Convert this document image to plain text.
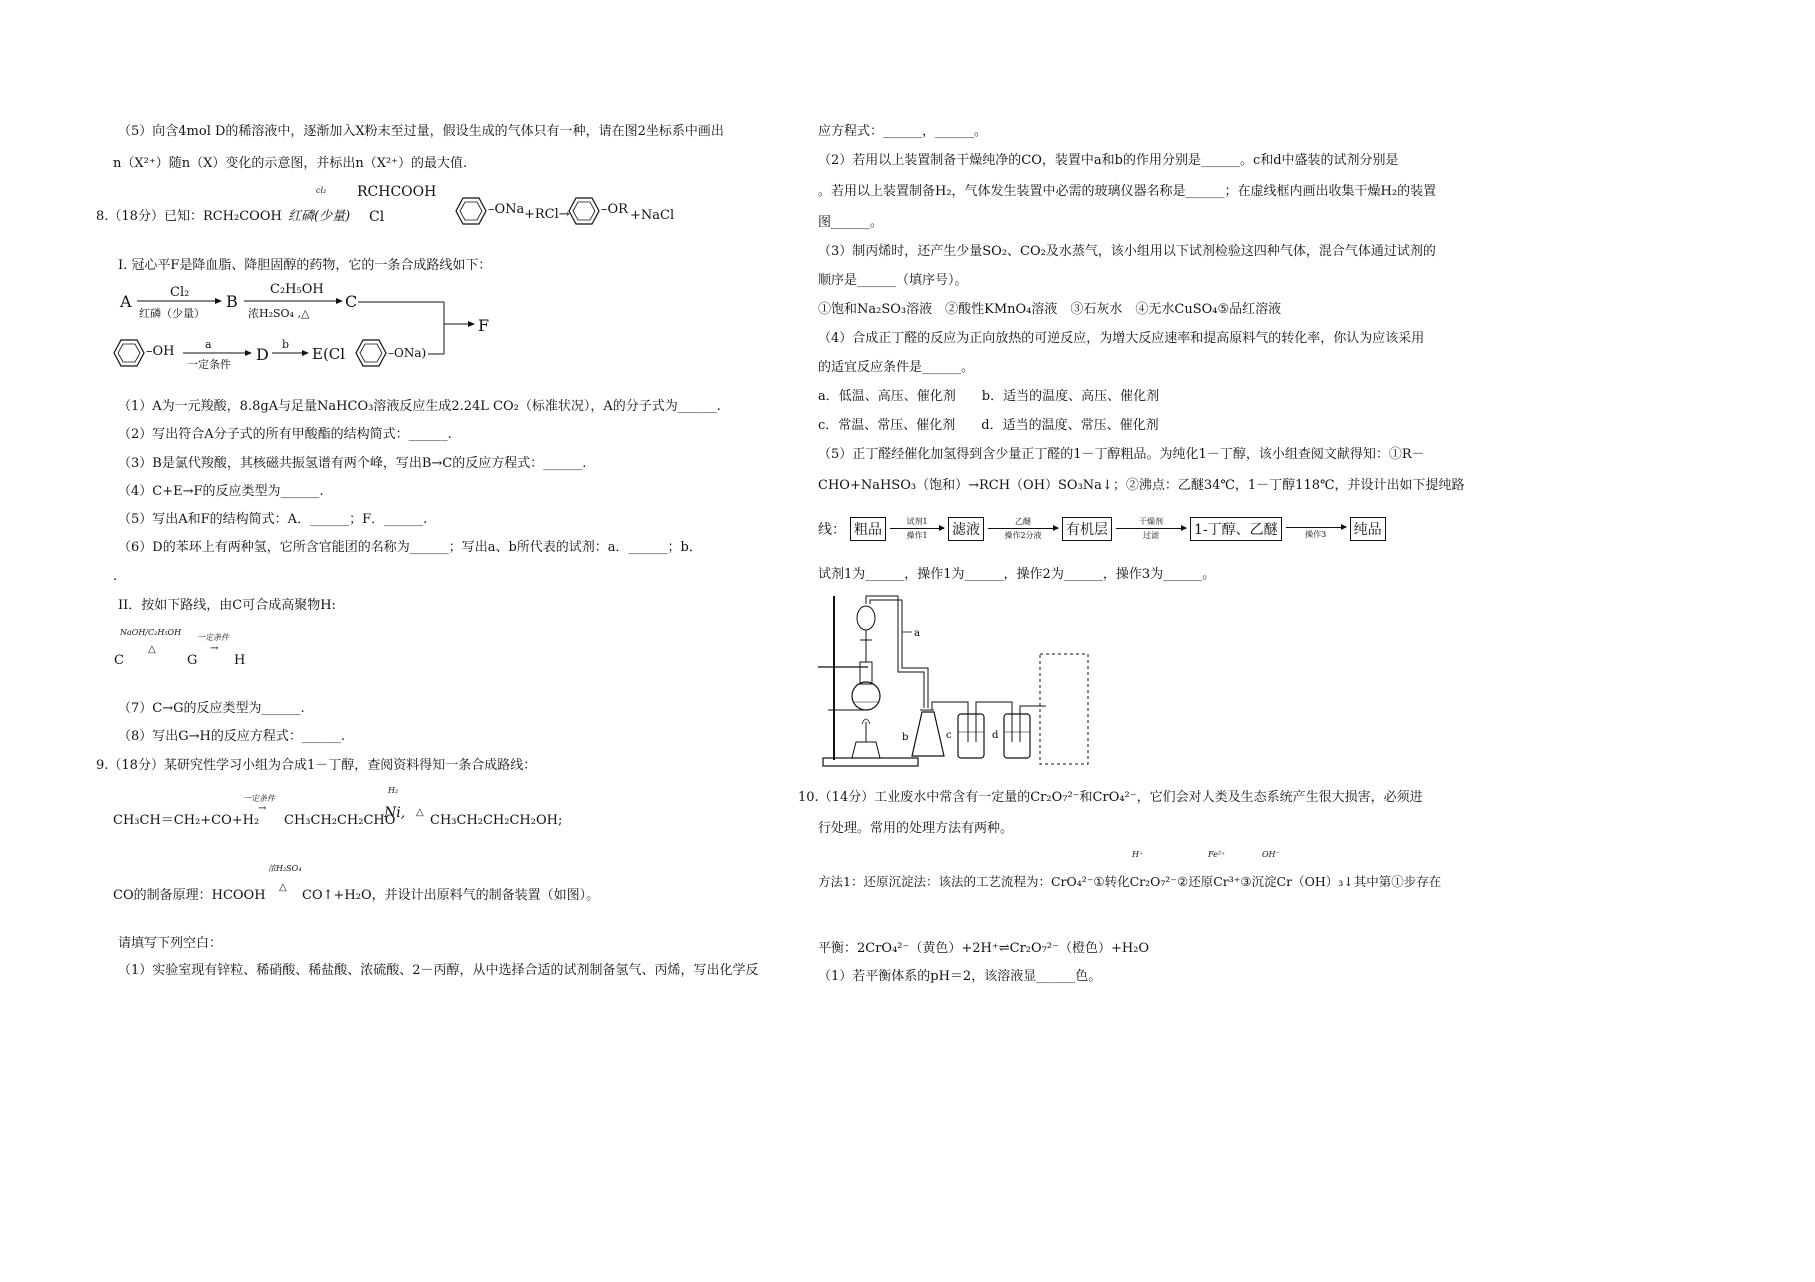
（5）向含4mol D的稀溶液中，逐渐加入X粉末至过量，假设生成的气体只有一种，请在图2坐标系中画出
n（X²⁺）随n（X）变化的示意图，并标出n（X²⁺）的最大值.
8.（18分）已知：RCH₂COOH
cl₂
红磷(少量)
RCHCOOH
Cl	–ONa +RCl→ –OR +NaCl
I. 冠心平F是降血脂、降胆固醇的药物，它的一条合成路线如下：
A	Cl₂
红磷（少量）
B
C₂H₅OH
浓H₂SO₄ ,△
C
F
–OH	a
一定条件
D
b
E(Cl	–ONa)
（1）A为一元羧酸，8.8gA与足量NaHCO₃溶液反应生成2.24L CO₂（标准状况），A的分子式为______.
（2）写出符合A分子式的所有甲酸酯的结构简式：______.
（3）B是氯代羧酸，其核磁共振氢谱有两个峰，写出B→C的反应方程式：______.
（4）C+E→F的反应类型为______.
（5）写出A和F的结构简式：A．______；F．______.
（6）D的苯环上有两种氢，它所含官能团的名称为______；写出a、b所代表的试剂：a．______；b．
.
II．按如下路线，由C可合成高聚物H:
NaOH/C₂H₅OH
△
一定条件
→
C	G	H
（7）C→G的反应类型为______.
（8）写出G→H的反应方程式：______.
9.（18分）某研究性学习小组为合成1－丁醇，查阅资料得知一条合成路线：
一定条件
→
H₂
CH₃CH＝CH₂+CO+H₂ CH₃CH₂CH₂CHO
Ni, △
CH₃CH₂CH₂CH₂OH;
浓H₂SO₄
△
CO的制备原理：HCOOH	CO↑+H₂O，并设计出原料气的制备装置（如图）。
请填写下列空白：
（1）实验室现有锌粒、稀硝酸、稀盐酸、浓硫酸、2－丙醇，从中选择合适的试剂制备氢气、丙烯，写出化学反
应方程式：______，______。
（2）若用以上装置制备干燥纯净的CO，装置中a和b的作用分别是______。c和d中盛装的试剂分别是
。若用以上装置制备H₂，气体发生装置中必需的玻璃仪器名称是______；在虚线框内画出收集干燥H₂的装置
图______。
（3）制丙烯时，还产生少量SO₂、CO₂及水蒸气，该小组用以下试剂检验这四种气体，混合气体通过试剂的
顺序是______（填序号）。
①饱和Na₂SO₃溶液　②酸性KMnO₄溶液　③石灰水　④无水CuSO₄⑤品红溶液
（4）合成正丁醛的反应为正向放热的可逆反应，为增大反应速率和提高原料气的转化率，你认为应该采用
的适宜反应条件是______。
a．低温、高压、催化剂　　b．适当的温度、高压、催化剂
c．常温、常压、催化剂　　d．适当的温度、常压、催化剂
（5）正丁醛经催化加氢得到含少量正丁醛的1－丁醇粗品。为纯化1－丁醇，该小组查阅文献得知：①R－
CHO+NaHSO₃（饱和）→RCH（OH）SO₃Na↓；②沸点：乙醚34℃，1－丁醇118℃，并设计出如下提纯路
线： 粗品	试剂1
操作1	滤液	乙醚
操作2分液	有机层	干燥剂
过滤	1-丁醇、乙醚
	操作3	纯品
试剂1为______，操作1为______，操作2为______，操作3为______。
a
b	c	d
10.（14分）工业废水中常含有一定量的Cr₂O₇²⁻和CrO₄²⁻，它们会对人类及生态系统产生很大损害，必须进
行处理。常用的处理方法有两种。
H⁺	Fe²⁺	OH⁻
方法1：还原沉淀法：该法的工艺流程为：CrO₄²⁻①转化Cr₂O₇²⁻②还原Cr³⁺③沉淀Cr（OH）₃↓其中第①步存在
平衡：2CrO₄²⁻（黄色）+2H⁺⇌Cr₂O₇²⁻（橙色）+H₂O
（1）若平衡体系的pH＝2，该溶液显______色。
